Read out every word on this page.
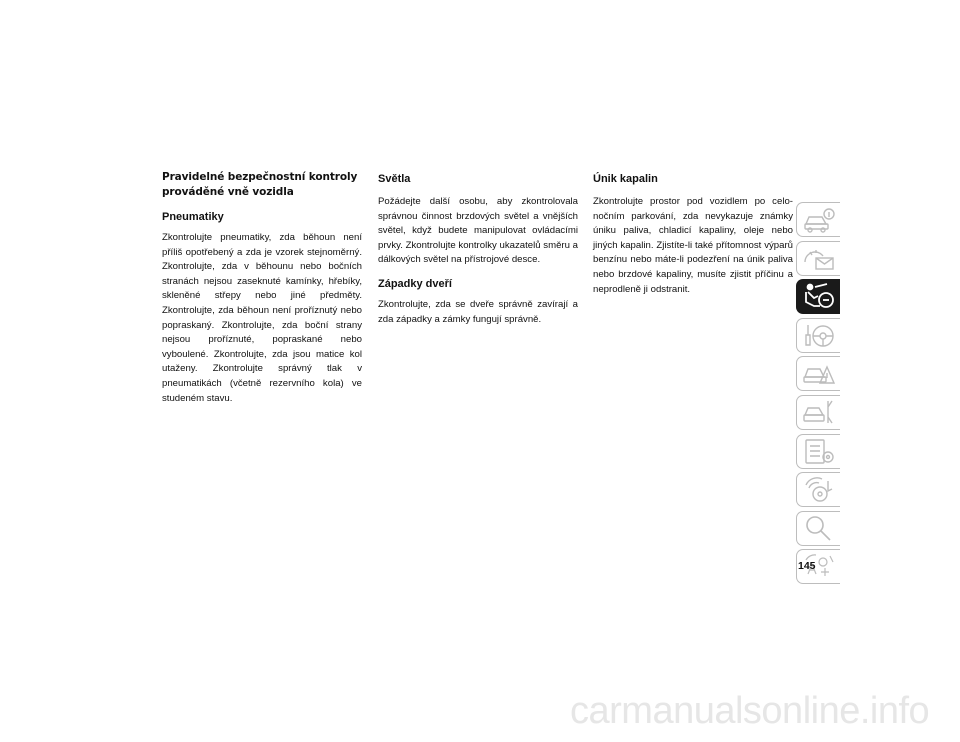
Pravidelné bezpečnostní kontroly
prováděné vně vozidla
Pneumatiky

Zkontrolujte pneumatiky, zda běhoun není příliš opotřebený a zda je vzorek stejnoměrný. Zkontrolujte, zda v běhounu nebo bočních stranách nejsou zaseknuté kamínky, hřebíky, skleněné střepy nebo jiné předměty. Zkontrolujte, zda běhoun není proříznutý nebo popraskaný. Zkontrolujte, zda boční strany nejsou proříznuté, popraskané nebo vyboulené. Zkontrolujte, zda jsou matice kol utaženy. Zkontrolujte správný tlak v pneumatikách (včetně rezervního kola) ve studeném stavu.

Světla

Požádejte další osobu, aby zkontrolovala správnou činnost brzdových světel a vnějších světel, když budete manipulovat ovládacími prvky. Zkontrolujte kontrolky ukazatelů směru a dálkových světel na přístrojové desce.

Západky dveří

Zkontrolujte, zda se dveře správně zavírají a zda západky a zámky fungují správně.

Únik kapalin

Zkontrolujte prostor pod vozidlem po celonočním parkování, zda nevykazuje známky úniku paliva, chladicí kapaliny, oleje nebo jiných kapalin. Zjistíte-li také přítomnost výparů benzínu nebo máte-li podezření na únik paliva nebo brzdové kapaliny, musíte zjistit příčinu a neprodleně ji odstranit.

145
carmanualsonline.info
